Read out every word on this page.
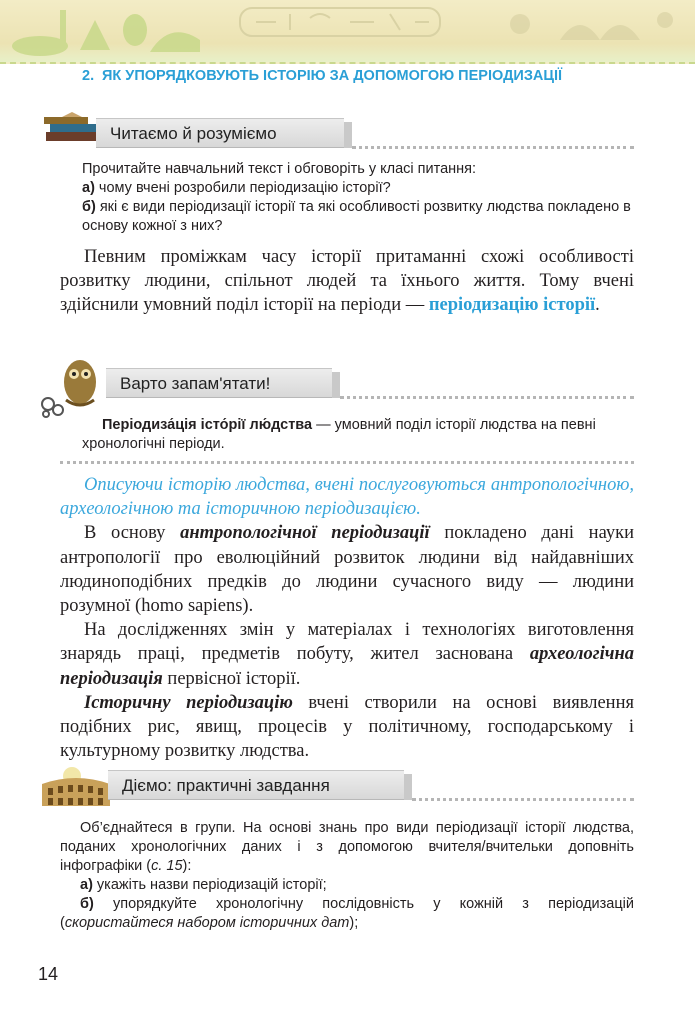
2. ЯК УПОРЯДКОВУЮТЬ ІСТОРІЮ ЗА ДОПОМОГОЮ ПЕРІОДИЗАЦІЇ
Читаємо й розуміємо

Прочитайте навчальний текст і обговоріть у класі питання:

а) чому вчені розробили періодизацію історії?

б) які є види періодизації історії та які особливості розвитку людства покладено в основу кожної з них?

Певним проміжкам часу історії притаманні схожі особливості розвитку людини, спільнот людей та їхнього життя. Тому вчені здійснили умовний поділ історії на періоди — періодизацію історії.

Варто запам'ятати!

Періодиза́ція істо́рії лю́дства — умовний поділ історії людства на певні хронологічні періоди.

Описуючи історію людства, вчені послуговуються антропологічною, археологічною та історичною періодизацією.

В основу антропологічної періодизації покладено дані науки антропології про еволюційний розвиток людини від найдавніших людиноподібних предків до людини сучасного виду — людини розумної (homo sapiens).

На дослідженнях змін у матеріалах і технологіях виготовлення знарядь праці, предметів побуту, жител заснована археологічна періодизація первісної історії.

Історичну періодизацію вчені створили на основі виявлення подібних рис, явищ, процесів у політичному, господарському і культурному розвитку людства.

Діємо: практичні завдання

Об’єднайтеся в групи. На основі знань про види періодизації історії людства, поданих хронологічних даних і з допомогою вчителя/вчительки доповніть інфографіки (с. 15):

а) укажіть назви періодизацій історії;

б) упорядкуйте хронологічну послідовність у кожній з періодизацій (скористайтеся набором історичних дат);

14
